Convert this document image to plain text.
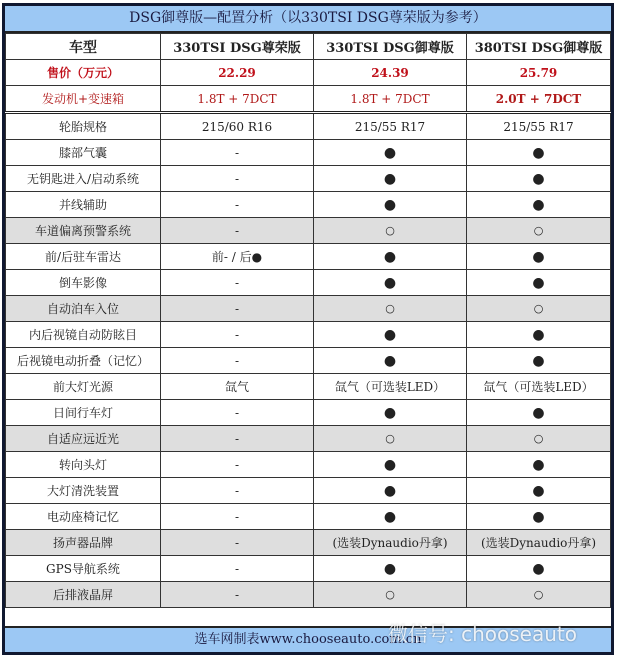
DSG御尊版—配置分析（以330TSI DSG尊荣版为参考）
车型	330TSI DSG尊荣版	330TSI DSG御尊版	380TSI DSG御尊版
售价（万元）	22.29	24.39	25.79
发动机+变速箱	1.8T + 7DCT	1.8T + 7DCT	2.0T + 7DCT
轮胎规格	215/60 R16	215/55 R17	215/55 R17
膝部气囊	-	●	●
无钥匙进入/启动系统	-	●	●
并线辅助	-	●	●
车道偏离预警系统	-	○	○
前/后驻车雷达	前- / 后●	●	●
倒车影像	-	●	●
自动泊车入位	-	○	○
内后视镜自动防眩目	-	●	●
后视镜电动折叠（记忆）	-	●	●
前大灯光源	氙气	氙气（可选装LED）	氙气（可选装LED）
日间行车灯	-	●	●
自适应远近光	-	○	○
转向头灯	-	●	●
大灯清洗装置	-	●	●
电动座椅记忆	-	●	●
扬声器品牌	-	(选装Dynaudio丹拿)	(选装Dynaudio丹拿)
GPS导航系统	-	●	●
后排液晶屏	-	○	○
选车网制表www.chooseauto.com.cn
微信号: chooseauto
